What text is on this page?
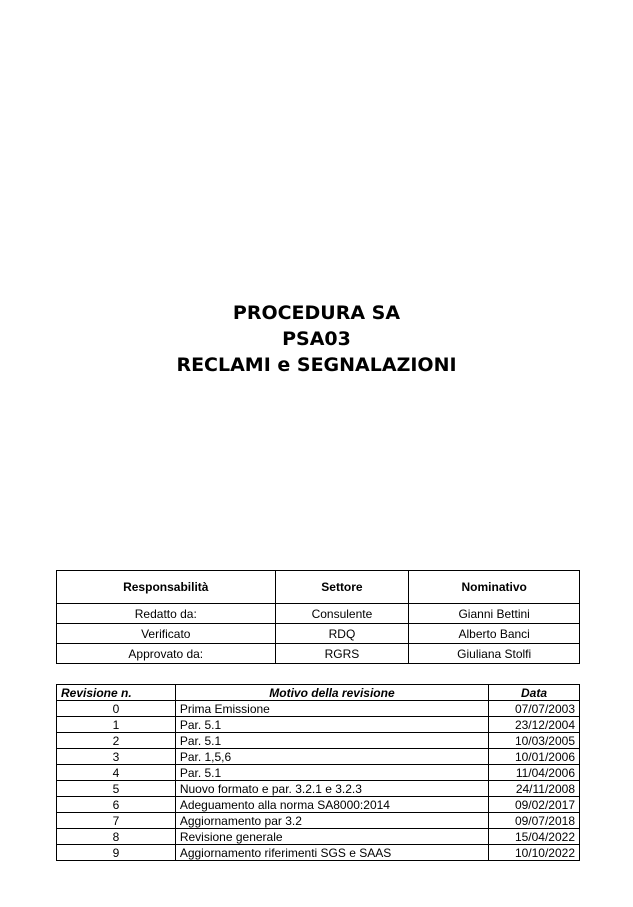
PROCEDURA SA
PSA03
RECLAMI e SEGNALAZIONI
Responsabilità	Settore	Nominativo
Redatto da:	Consulente	Gianni Bettini
Verificato	RDQ	Alberto Banci
Approvato da:	RGRS	Giuliana Stolfi
Revisione n.	Motivo della revisione	Data
0	Prima Emissione	07/07/2003
1	Par. 5.1	23/12/2004
2	Par. 5.1	10/03/2005
3	Par. 1,5,6	10/01/2006
4	Par. 5.1	11/04/2006
5	Nuovo formato e par. 3.2.1 e 3.2.3	24/11/2008
6	Adeguamento alla norma SA8000:2014	09/02/2017
7	Aggiornamento par 3.2	09/07/2018
8	Revisione generale	15/04/2022
9	Aggiornamento riferimenti SGS e SAAS	10/10/2022
